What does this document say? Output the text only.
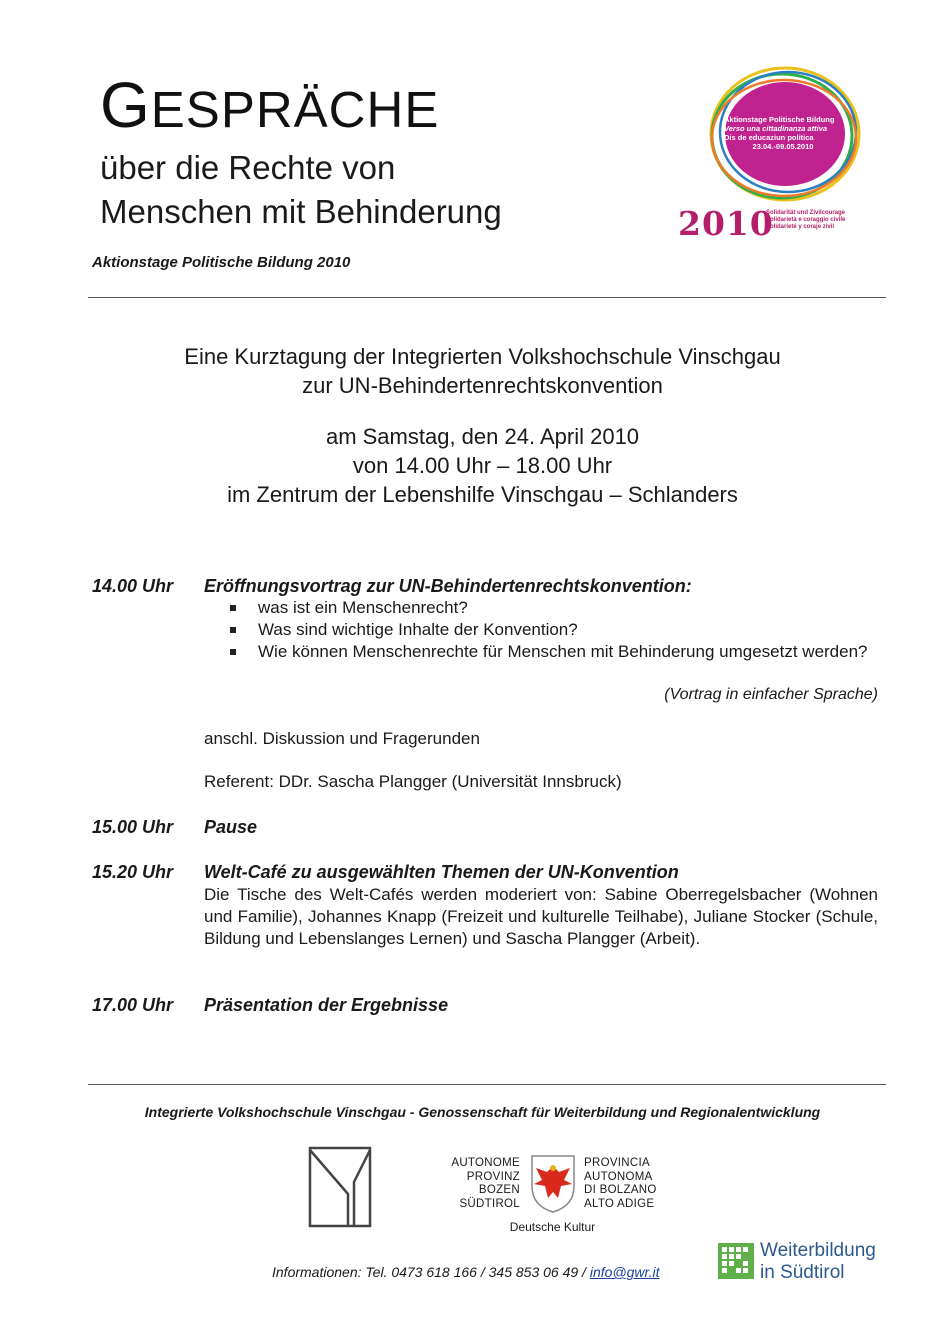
GESPRÄCHE
über die Rechte von
Menschen mit Behinderung
Aktionstage Politische Bildung 2010
Aktionstage Politische Bildung
Verso una cittadinanza attiva
Dis de educaziun politica
23.04.-09.05.2010
2010
Solidarität und Zivilcourage
Solidarietà e coraggio civile
Solidarieté y coraje zivil
Eine Kurztagung der Integrierten Volkshochschule Vinschgau
zur UN-Behindertenrechtskonvention
am Samstag, den 24. April 2010
von 14.00 Uhr – 18.00 Uhr
im Zentrum der Lebenshilfe Vinschgau – Schlanders
14.00 Uhr Eröffnungsvortrag zur UN-Behindertenrechtskonvention:
was ist ein Menschenrecht?
Was sind wichtige Inhalte der Konvention?
Wie können Menschenrechte für Menschen mit Behinderung umgesetzt werden?
(Vortrag in einfacher Sprache)
anschl. Diskussion und Fragerunden
Referent: DDr. Sascha Plangger (Universität Innsbruck)
15.00 Uhr Pause
15.20 Uhr Welt-Café zu ausgewählten Themen der UN-Konvention
Die Tische des Welt-Cafés werden moderiert von: Sabine Oberregelsbacher (Wohnen und Familie), Johannes Knapp (Freizeit und kulturelle Teilhabe), Juliane Stocker (Schule, Bildung und Lebenslanges Lernen) und Sascha Plangger (Arbeit).
17.00 Uhr Präsentation der Ergebnisse
Integrierte Volkshochschule Vinschgau - Genossenschaft für Weiterbildung und Regionalentwicklung
AUTONOME
PROVINZ
BOZEN
SÜDTIROL
PROVINCIA
AUTONOMA
DI BOLZANO
ALTO ADIGE
Deutsche Kultur
Informationen: Tel. 0473 618 166 / 345 853 06 49 / info@gwr.it
Weiterbildung
in Südtirol
